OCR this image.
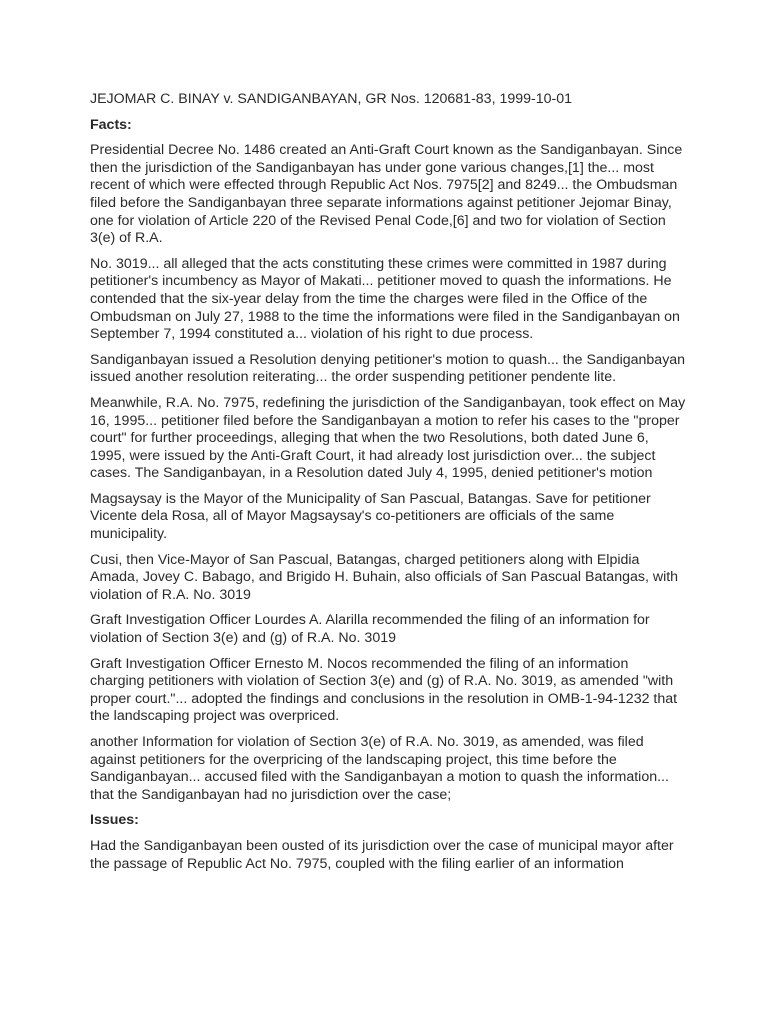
JEJOMAR C. BINAY v. SANDIGANBAYAN, GR Nos. 120681-83, 1999-10-01

Facts:

Presidential Decree No. 1486 created an Anti-Graft Court known as the Sandiganbayan. Since then the jurisdiction of the Sandiganbayan has under gone various changes,[1] the... most recent of which were effected through Republic Act Nos. 7975[2] and 8249... the Ombudsman filed before the Sandiganbayan three separate informations against petitioner Jejomar Binay, one for violation of Article 220 of the Revised Penal Code,[6] and two for violation of Section 3(e) of R.A.

No. 3019... all alleged that the acts constituting these crimes were committed in 1987 during petitioner's incumbency as Mayor of Makati... petitioner moved to quash the informations. He contended that the six-year delay from the time the charges were filed in the Office of the Ombudsman on July 27, 1988 to the time the informations were filed in the Sandiganbayan on September 7, 1994 constituted a... violation of his right to due process.

Sandiganbayan issued a Resolution denying petitioner's motion to quash... the Sandiganbayan issued another resolution reiterating... the order suspending petitioner pendente lite.

Meanwhile, R.A. No. 7975, redefining the jurisdiction of the Sandiganbayan, took effect on May 16, 1995... petitioner filed before the Sandiganbayan a motion to refer his cases to the "proper court" for further proceedings, alleging that when the two Resolutions, both dated June 6, 1995, were issued by the Anti-Graft Court, it had already lost jurisdiction over... the subject cases. The Sandiganbayan, in a Resolution dated July 4, 1995, denied petitioner's motion

Magsaysay is the Mayor of the Municipality of San Pascual, Batangas. Save for petitioner Vicente dela Rosa, all of Mayor Magsaysay's co-petitioners are officials of the same municipality.

Cusi, then Vice-Mayor of San Pascual, Batangas, charged petitioners along with Elpidia Amada, Jovey C. Babago, and Brigido H. Buhain, also officials of San Pascual Batangas, with violation of R.A. No. 3019

Graft Investigation Officer Lourdes A. Alarilla recommended the filing of an information for violation of Section 3(e) and (g) of R.A. No. 3019

Graft Investigation Officer Ernesto M. Nocos recommended the filing of an information charging petitioners with violation of Section 3(e) and (g) of R.A. No. 3019, as amended "with proper court."... adopted the findings and conclusions in the resolution in OMB-1-94-1232 that the landscaping project was overpriced.

another Information for violation of Section 3(e) of R.A. No. 3019, as amended, was filed against petitioners for the overpricing of the landscaping project, this time before the Sandiganbayan... accused filed with the Sandiganbayan a motion to quash the information... that the Sandiganbayan had no jurisdiction over the case;

Issues:

Had the Sandiganbayan been ousted of its jurisdiction over the case of municipal mayor after the passage of Republic Act No. 7975, coupled with the filing earlier of an information
